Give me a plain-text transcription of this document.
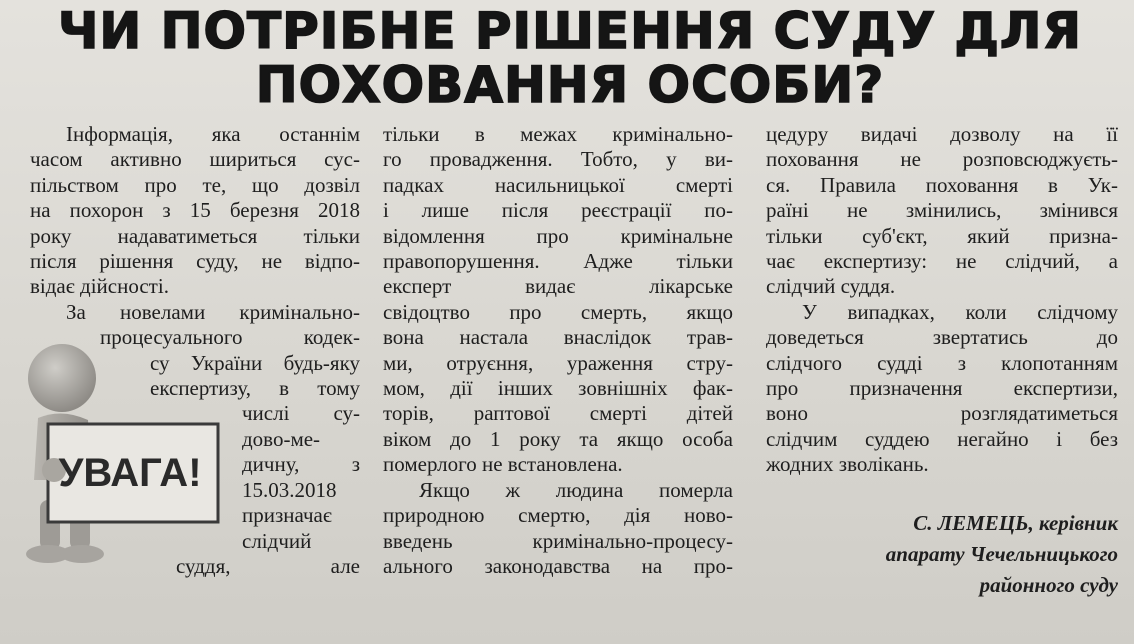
ЧИ ПОТРІБНЕ РІШЕННЯ СУДУ ДЛЯ
ПОХОВАННЯ ОСОБИ?

Інформація, яка останнім
часом активно шириться сус-
пільством про те, що дозвіл
на похорон з 15 березня 2018
року надаватиметься тільки
після рішення суду, не відпо-
відає дійсності.

За новелами кримінально-
процесуального кодек-
су України будь-яку
експертизу, в тому
числі су-
дово-ме-
дичну, з
15.03.2018
призначає
слідчий
суддя, але

УВАГА!

тільки в межах кримінально-
го провадження. Тобто, у ви-
падках насильницької смерті
і лише після реєстрації по-
відомлення про кримінальне
правопорушення. Адже тільки
експерт видає лікарське
свідоцтво про смерть, якщо
вона настала внаслідок трав-
ми, отруєння, ураження стру-
мом, дії інших зовнішніх фак-
торів, раптової смерті дітей
віком до 1 року та якщо особа
померлого не встановлена.

Якщо ж людина померла
природною смертю, дія ново-
введень кримінально-процесу-
ального законодавства на про-

цедуру видачі дозволу на її
поховання не розповсюджуєть-
ся. Правила поховання в Ук-
раїні не змінились, змінився
тільки суб'єкт, який призна-
чає експертизу: не слідчий, а
слідчий суддя.

У випадках, коли слідчому
доведеться звертатись до
слідчого судді з клопотанням
про призначення експертизи,
воно розглядатиметься
слідчим суддею негайно і без
жодних зволікань.

С. ЛЕМЕЦЬ, керівник
апарату Чечельницького
районного суду
